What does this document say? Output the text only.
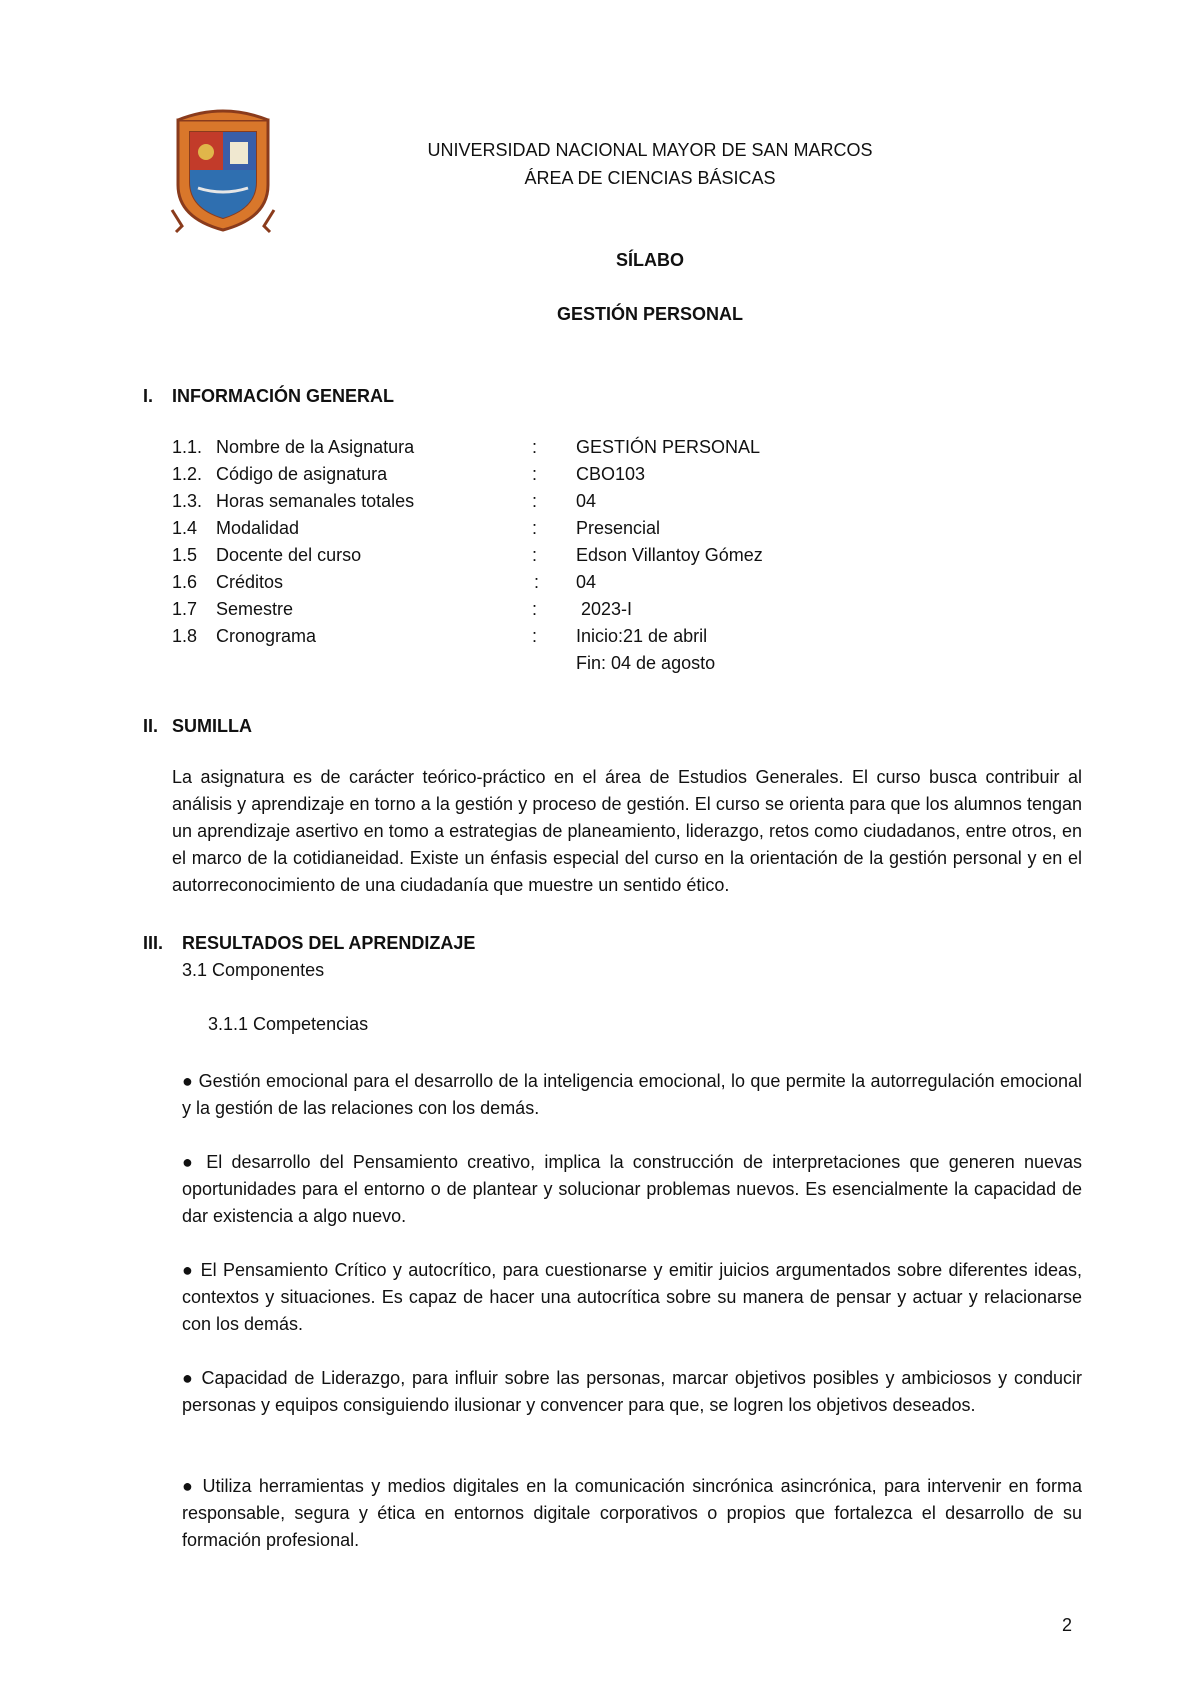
UNIVERSIDAD NACIONAL MAYOR DE SAN MARCOS
ÁREA DE CIENCIAS BÁSICAS
SÍLABO
GESTIÓN PERSONAL
I. INFORMACIÓN GENERAL
1.1. Nombre de la Asignatura	: GESTIÓN PERSONAL
1.2. Código de asignatura	: CBO103
1.3. Horas semanales totales	: 04
1.4 Modalidad	: Presencial
1.5 Docente del curso	: Edson Villantoy Gómez
1.6 Créditos	: 04
1.7 Semestre	: 2023-I
1.8 Cronograma	: Inicio:21 de abril
Fin: 04 de agosto
II. SUMILLA
La asignatura es de carácter teórico-práctico en el área de Estudios Generales. El curso busca contribuir al análisis y aprendizaje en torno a la gestión y proceso de gestión. El curso se orienta para que los alumnos tengan un aprendizaje asertivo en tomo a estrategias de planeamiento, liderazgo, retos como ciudadanos, entre otros, en el marco de la cotidianeidad. Existe un énfasis especial del curso en la orientación de la gestión personal y en el autorreconocimiento de una ciudadanía que muestre un sentido ético.
III. RESULTADOS DEL APRENDIZAJE
3.1 Componentes
3.1.1 Competencias
● Gestión emocional para el desarrollo de la inteligencia emocional, lo que permite la autorregulación emocional y la gestión de las relaciones con los demás.
● El desarrollo del Pensamiento creativo, implica la construcción de interpretaciones que generen nuevas oportunidades para el entorno o de plantear y solucionar problemas nuevos. Es esencialmente la capacidad de dar existencia a algo nuevo.
● El Pensamiento Crítico y autocrítico, para cuestionarse y emitir juicios argumentados sobre diferentes ideas, contextos y situaciones. Es capaz de hacer una autocrítica sobre su manera de pensar y actuar y relacionarse con los demás.
● Capacidad de Liderazgo, para influir sobre las personas, marcar objetivos posibles y ambiciosos y conducir personas y equipos consiguiendo ilusionar y convencer para que, se logren los objetivos deseados.
● Utiliza herramientas y medios digitales en la comunicación sincrónica asincrónica, para intervenir en forma responsable, segura y ética en entornos digitale corporativos o propios que fortalezca el desarrollo de su formación profesional.
2
